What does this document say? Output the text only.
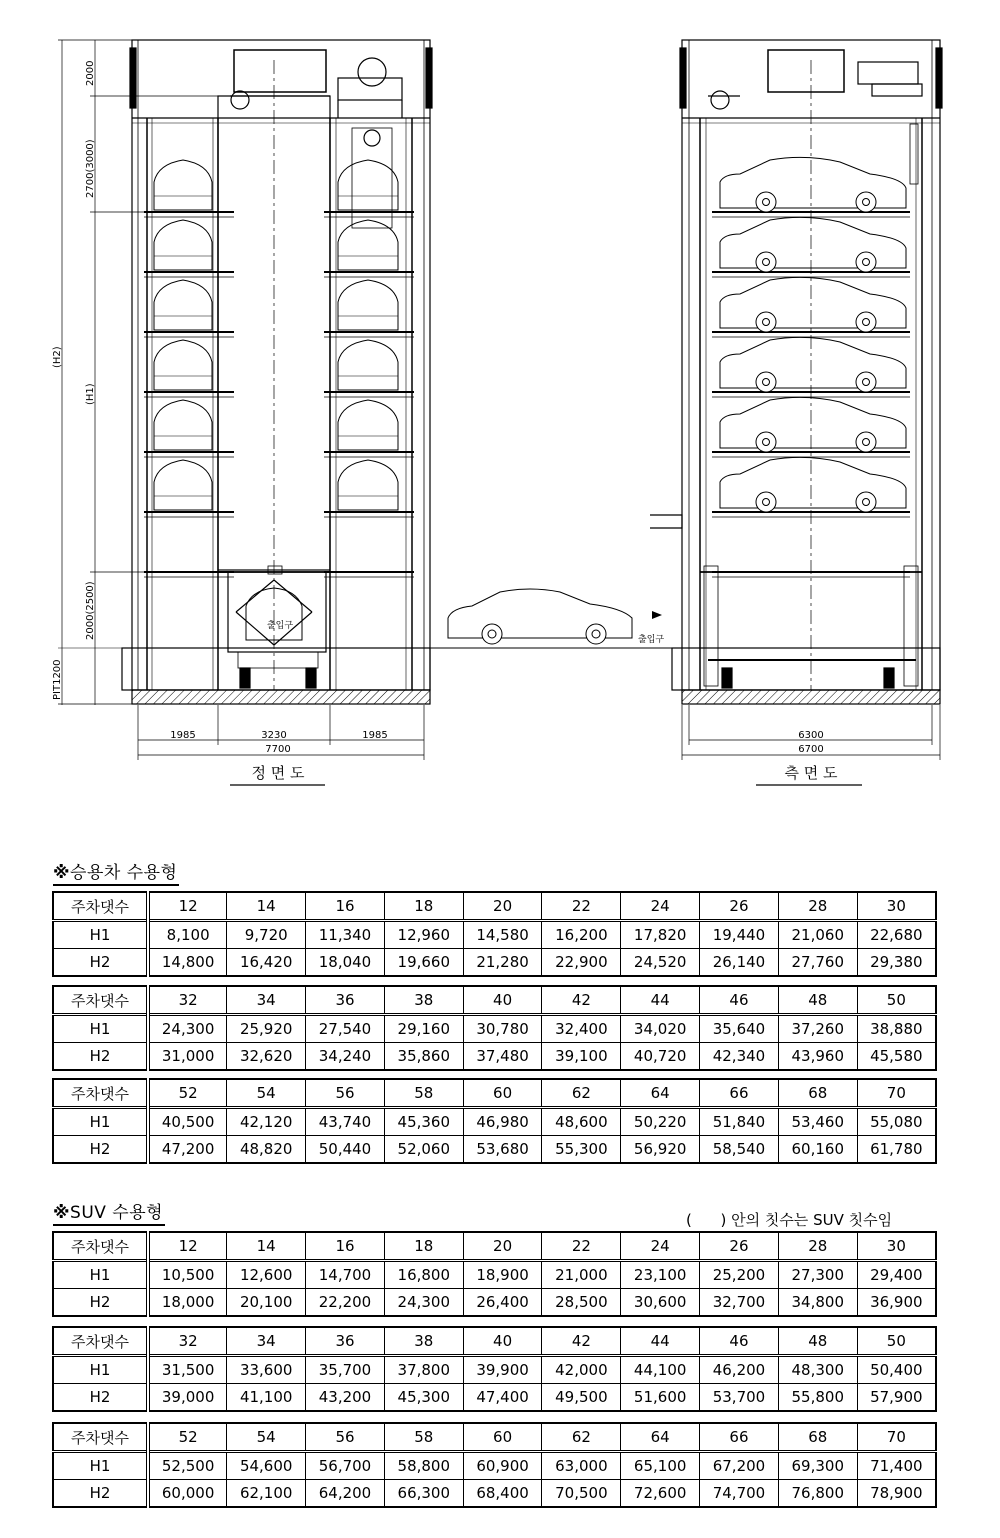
2000
2700(3000)
(H2)
(H1)
2000(2500)
PIT1200
1985	3230	1985
7700
정 면 도
출입구
출입구
6300
6700
측 면 도
※승용차 수용형
주차댓수	12	14	16	18	20	22	24	26	28	30
H1	8,100	9,720	11,340	12,960	14,580	16,200	17,820	19,440	21,060	22,680
H2	14,800	16,420	18,040	19,660	21,280	22,900	24,520	26,140	27,760	29,380
주차댓수	32	34	36	38	40	42	44	46	48	50
H1	24,300	25,920	27,540	29,160	30,780	32,400	34,020	35,640	37,260	38,880
H2	31,000	32,620	34,240	35,860	37,480	39,100	40,720	42,340	43,960	45,580
주차댓수	52	54	56	58	60	62	64	66	68	70
H1	40,500	42,120	43,740	45,360	46,980	48,600	50,220	51,840	53,460	55,080
H2	47,200	48,820	50,440	52,060	53,680	55,300	56,920	58,540	60,160	61,780
※SUV 수용형	(      ) 안의 칫수는 SUV 칫수임
주차댓수	12	14	16	18	20	22	24	26	28	30
H1	10,500	12,600	14,700	16,800	18,900	21,000	23,100	25,200	27,300	29,400
H2	18,000	20,100	22,200	24,300	26,400	28,500	30,600	32,700	34,800	36,900
주차댓수	32	34	36	38	40	42	44	46	48	50
H1	31,500	33,600	35,700	37,800	39,900	42,000	44,100	46,200	48,300	50,400
H2	39,000	41,100	43,200	45,300	47,400	49,500	51,600	53,700	55,800	57,900
주차댓수	52	54	56	58	60	62	64	66	68	70
H1	52,500	54,600	56,700	58,800	60,900	63,000	65,100	67,200	69,300	71,400
H2	60,000	62,100	64,200	66,300	68,400	70,500	72,600	74,700	76,800	78,900
